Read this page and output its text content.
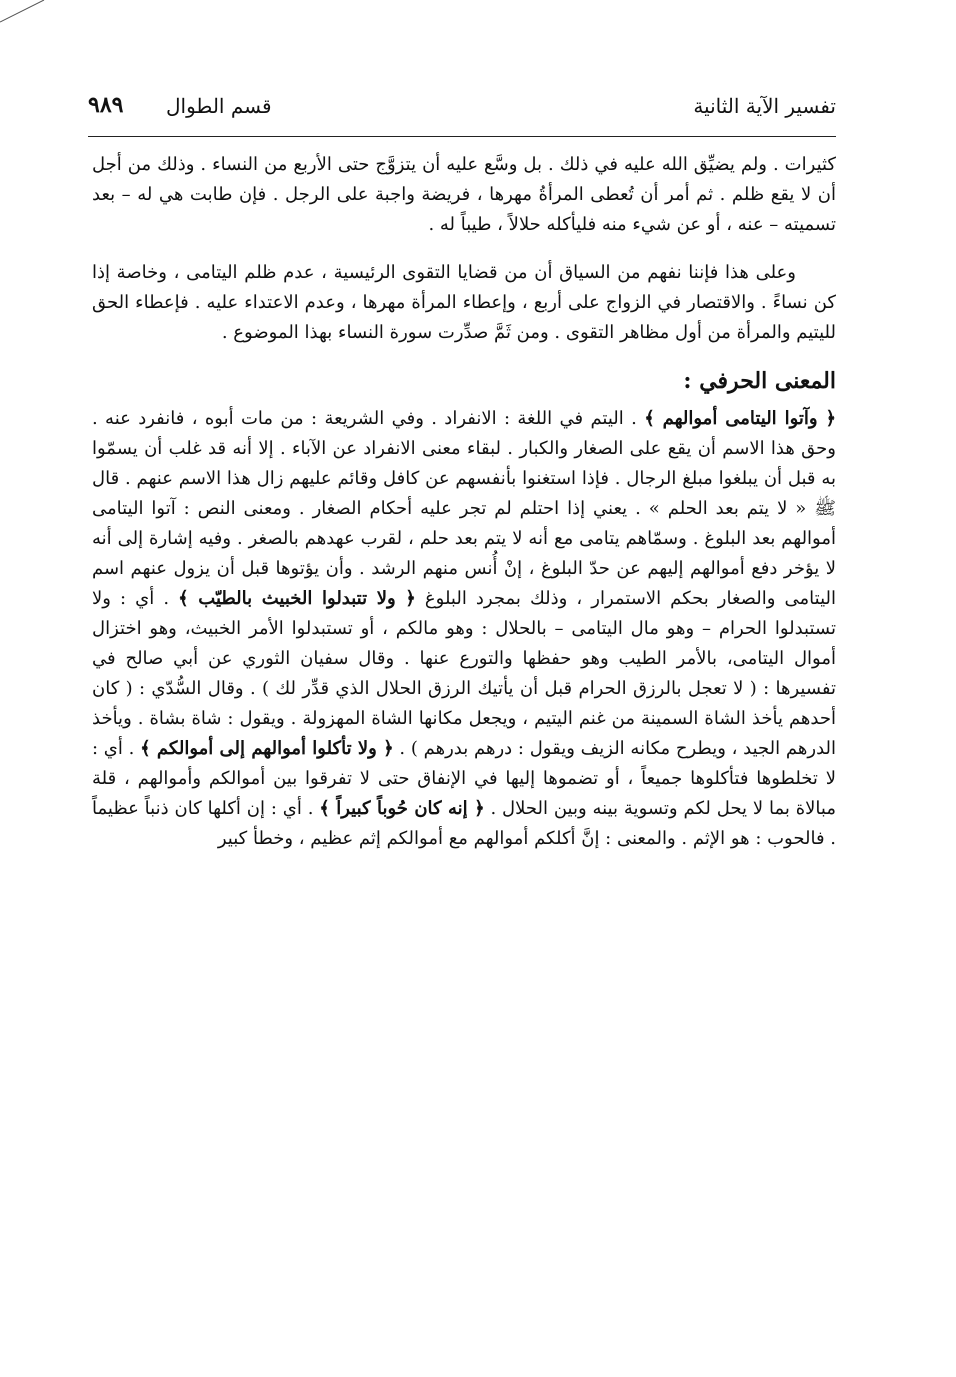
تفسير الآية الثانية
قسم الطوال
٩٨٩

كثيرات . ولم يضيِّق الله عليه في ذلك . بل وسَّع عليه أن يتزوَّج حتى الأربع من النساء . وذلك من أجل أن لا يقع ظلم . ثم أمر أن تُعطى المرأةُ مهرها ، فريضة واجبة على الرجل . فإن طابت هي له – بعد تسميته – عنه ، أو عن شيء منه فليأكله حلالاً ، طيباً له .

وعلى هذا فإننا نفهم من السياق أن من قضايا التقوى الرئيسية ، عدم ظلم اليتامى ، وخاصة إذا كن نساءً . والاقتصار في الزواج على أربع ، وإعطاء المرأة مهرها ، وعدم الاعتداء عليه . فإعطاء الحق لليتيم والمرأة من أول مظاهر التقوى . ومن ثَمَّ صدِّرت سورة النساء بهذا الموضوع .

المعنى الحرفي :

﴿ وآتوا اليتامى أموالهم ﴾ . اليتم في اللغة : الانفراد . وفي الشريعة : من مات أبوه ، فانفرد عنه . وحق هذا الاسم أن يقع على الصغار والكبار . لبقاء معنى الانفراد عن الآباء . إلا أنه قد غلب أن يسمّوا به قبل أن يبلغوا مبلغ الرجال . فإذا استغنوا بأنفسهم عن كافل وقائم عليهم زال هذا الاسم عنهم . قال ﷺ « لا يتم بعد الحلم » . يعني إذا احتلم لم تجر عليه أحكام الصغار . ومعنى النص : آتوا اليتامى أموالهم بعد البلوغ . وسمّاهم يتامى مع أنه لا يتم بعد حلم ، لقرب عهدهم بالصغر . وفيه إشارة إلى أنه لا يؤخر دفع أموالهم إليهم عن حدّ البلوغ ، إنْ أُنس منهم الرشد . وأن يؤتوها قبل أن يزول عنهم اسم اليتامى والصغار بحكم الاستمرار ، وذلك بمجرد البلوغ ﴿ ولا تتبدلوا الخبيث بالطيّب ﴾ . أي : ولا تستبدلوا الحرام – وهو مال اليتامى – بالحلال : وهو مالكم ، أو تستبدلوا الأمر الخبيث، وهو اختزال أموال اليتامى، بالأمر الطيب وهو حفظها والتورع عنها . وقال سفيان الثوري عن أبي صالح في تفسيرها : ( لا تعجل بالرزق الحرام قبل أن يأتيك الرزق الحلال الذي قدِّر لك ) . وقال السُّدّي : ( كان أحدهم يأخذ الشاة السمينة من غنم اليتيم ، ويجعل مكانها الشاة المهزولة . ويقول : شاة بشاة . ويأخذ الدرهم الجيد ، ويطرح مكانه الزيف ويقول : درهم بدرهم ) . ﴿ ولا تأكلوا أموالهم إلى أموالكم ﴾ . أي : لا تخلطوها فتأكلوها جميعاً ، أو تضموها إليها في الإنفاق حتى لا تفرقوا بين أموالكم وأموالهم ، قلة مبالاة بما لا يحل لكم وتسوية بينه وبين الحلال . ﴿ إنه كان حُوباً كبيراً ﴾ . أي : إن أكلها كان ذنباً عظيماً . فالحوب : هو الإثم . والمعنى : إنَّ أكلكم أموالهم مع أموالكم إثم عظيم ، وخطأ كبير
